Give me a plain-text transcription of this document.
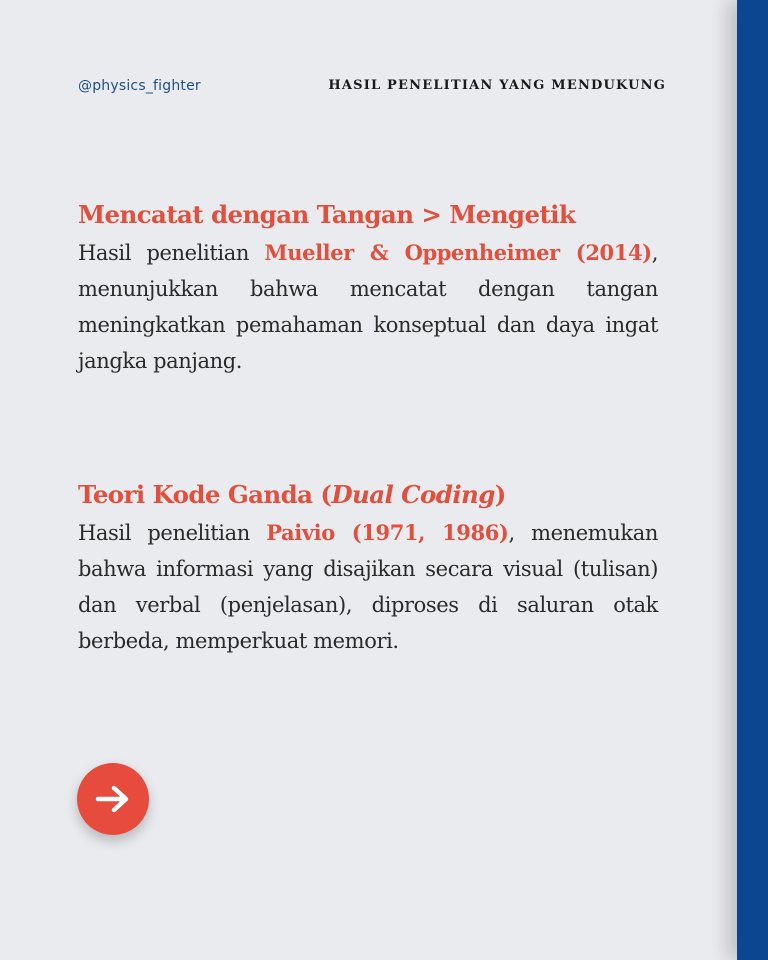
@physics_fighter	HASIL PENELITIAN YANG MENDUKUNG
Mencatat dengan Tangan > Mengetik

Hasil penelitian Mueller & Oppenheimer (2014), menunjukkan bahwa mencatat dengan tangan meningkatkan pemahaman konseptual dan daya ingat jangka panjang.

Teori Kode Ganda (Dual Coding)

Hasil penelitian Paivio (1971, 1986), menemukan bahwa informasi yang disajikan secara visual (tulisan) dan verbal (penjelasan), diproses di saluran otak berbeda, memperkuat memori.
